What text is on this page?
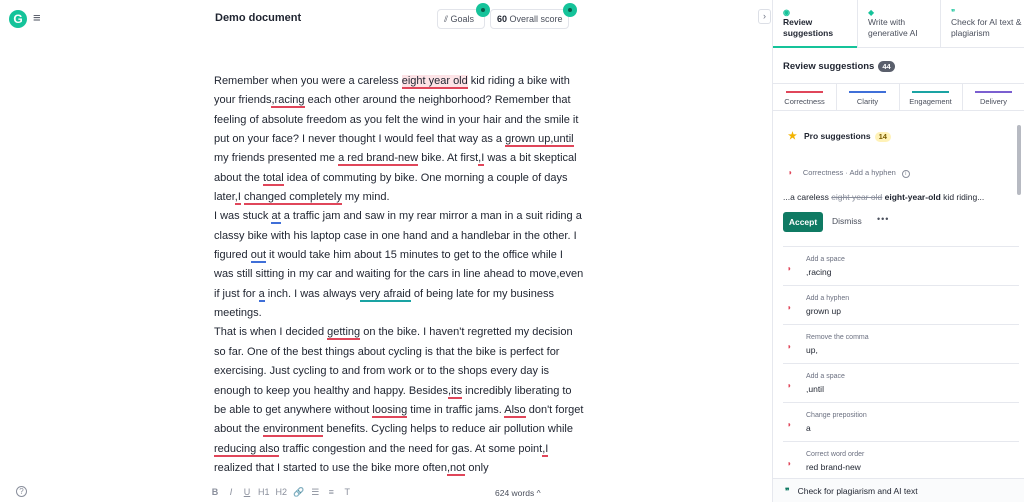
G ≡	Demo document	⫽ Goals	60 Overall score	›

Remember when you were a careless eight year old kid riding a bike with your friends,racing each other around the neighborhood? Remember that feeling of absolute freedom as you felt the wind in your hair and the smile it put on your face? I never thought I would feel that way as a grown up,until my friends presented me a red brand-new bike. At first,I was a bit skeptical about the total idea of commuting by bike. One morning a couple of days later,I changed completely my mind.

I was stuck at a traffic jam and saw in my rear mirror a man in a suit riding a classy bike with his laptop case in one hand and a handlebar in the other. I figured out it would take him about 15 minutes to get to the office while I was still sitting in my car and waiting for the cars in line ahead to move,even if just for a inch. I was always very afraid of being late for my business meetings.

That is when I decided getting on the bike. I haven't regretted my decision so far. One of the best things about cycling is that the bike is perfect for exercising. Just cycling to and from work or to the shops every day is enough to keep you healthy and happy. Besides,its incredibly liberating to be able to get anywhere without loosing time in traffic jams. Also don't forget about the environment benefits. Cycling helps to reduce air pollution while reducing also traffic congestion and the need for gas. At some point,I realized that I started to use the bike more often,not only

?	B	I	U H1 H2 🔗 ☰ ≡ T	624 words ^
◉
Review suggestions
◆
Write with generative AI
❞
Check for AI text & plagiarism
Review suggestions 44
Correctness	Clarity	Engagement	Delivery
★ Pro suggestions 14
◗ Correctness · Add a hyphen i
Accept	Dismiss •••
◗
Add a space
,racing
◗
Add a hyphen
grown up
◗
Remove the comma
up,
◗
Add a space
,until
◗
Change preposition
a
◗
Correct word order
red brand-new
❞ Check for plagiarism and AI text
...a careless eight year old eight-year-old kid riding...
